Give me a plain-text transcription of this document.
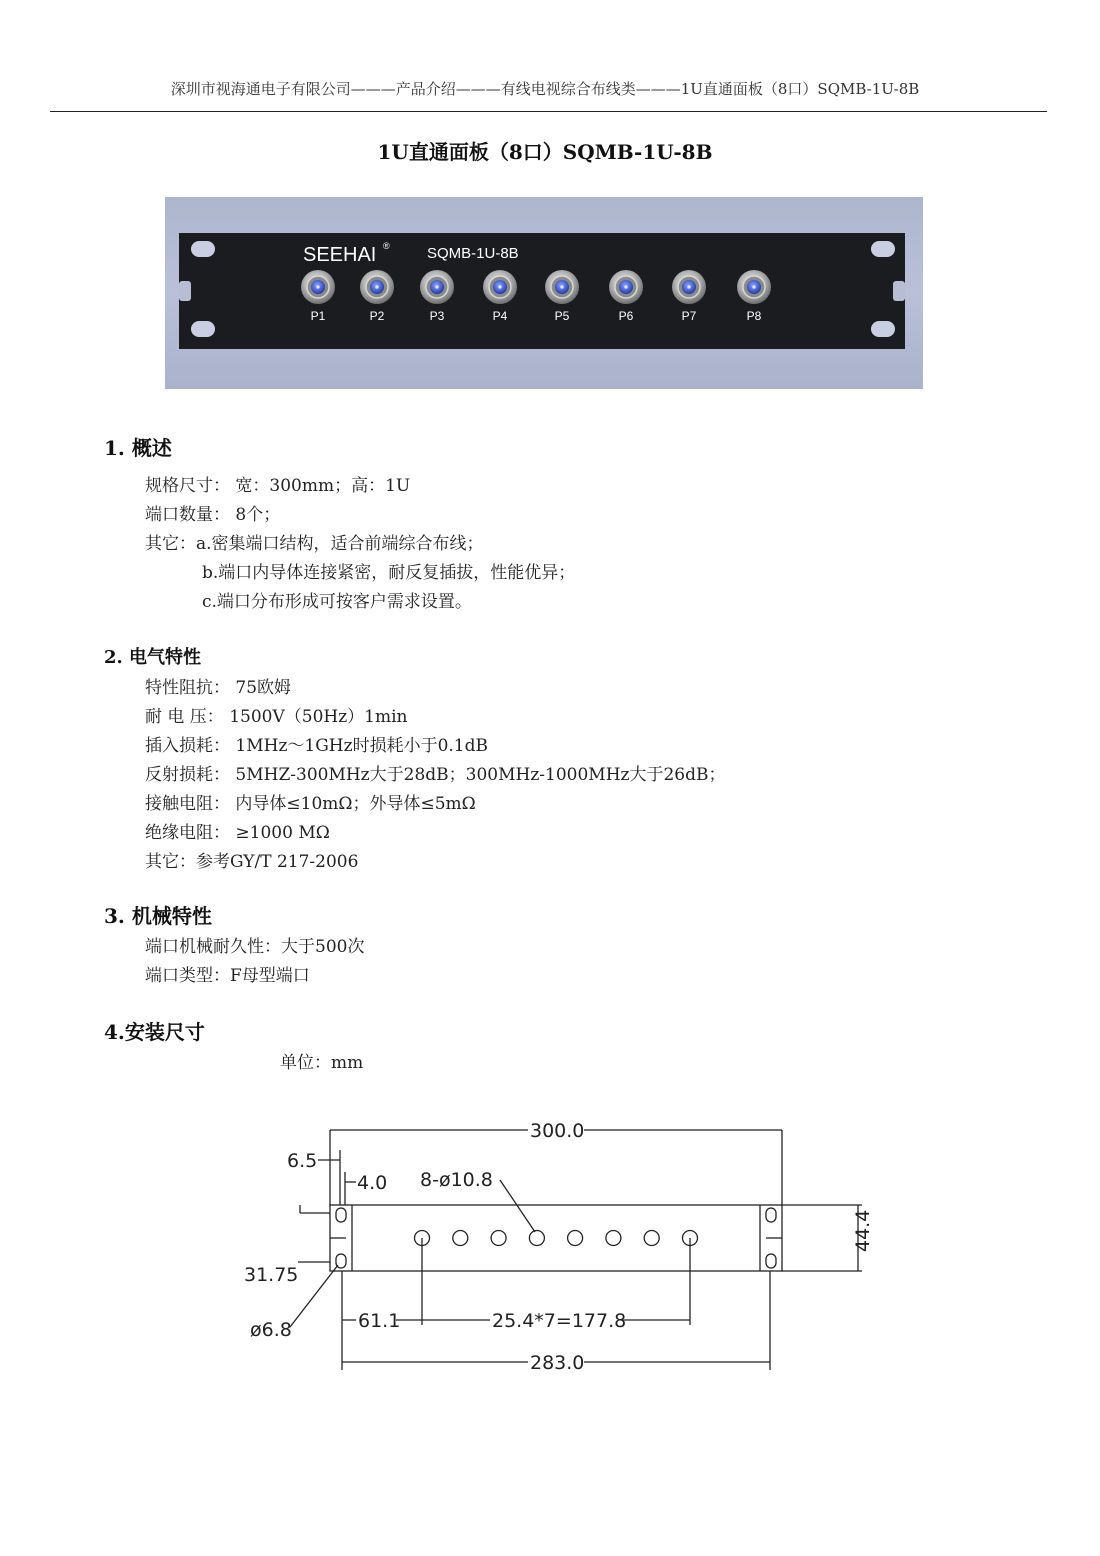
深圳市视海通电子有限公司———产品介绍———有线电视综合布线类———1U直通面板（8口）SQMB-1U-8B
1U直通面板（8口）SQMB-1U-8B
SEEHAI ® SQMB-1U-8B
P1	P2	P3	P4	P5	P6	P7	P8
1. 概述
规格尺寸： 宽：300mm；高：1U
端口数量： 8个；
其它：a.密集端口结构，适合前端综合布线；
b.端口内导体连接紧密，耐反复插拔，性能优异；
c.端口分布形成可按客户需求设置。
2. 电气特性
特性阻抗： 75欧姆
耐 电 压： 1500V（50Hz）1min
插入损耗： 1MHz～1GHz时损耗小于0.1dB
反射损耗： 5MHZ-300MHz大于28dB；300MHz-1000MHz大于26dB；
接触电阻： 内导体≤10mΩ；外导体≤5mΩ
绝缘电阻： ≥1000 MΩ
其它：参考GY/T 217-2006
3. 机械特性
端口机械耐久性：大于500次
端口类型：F母型端口
4.安装尺寸
单位：mm
300.0
6.5
4.0 8-ø10.8
44.4
31.75
ø6.8	61.1	25.4*7=177.8
283.0
